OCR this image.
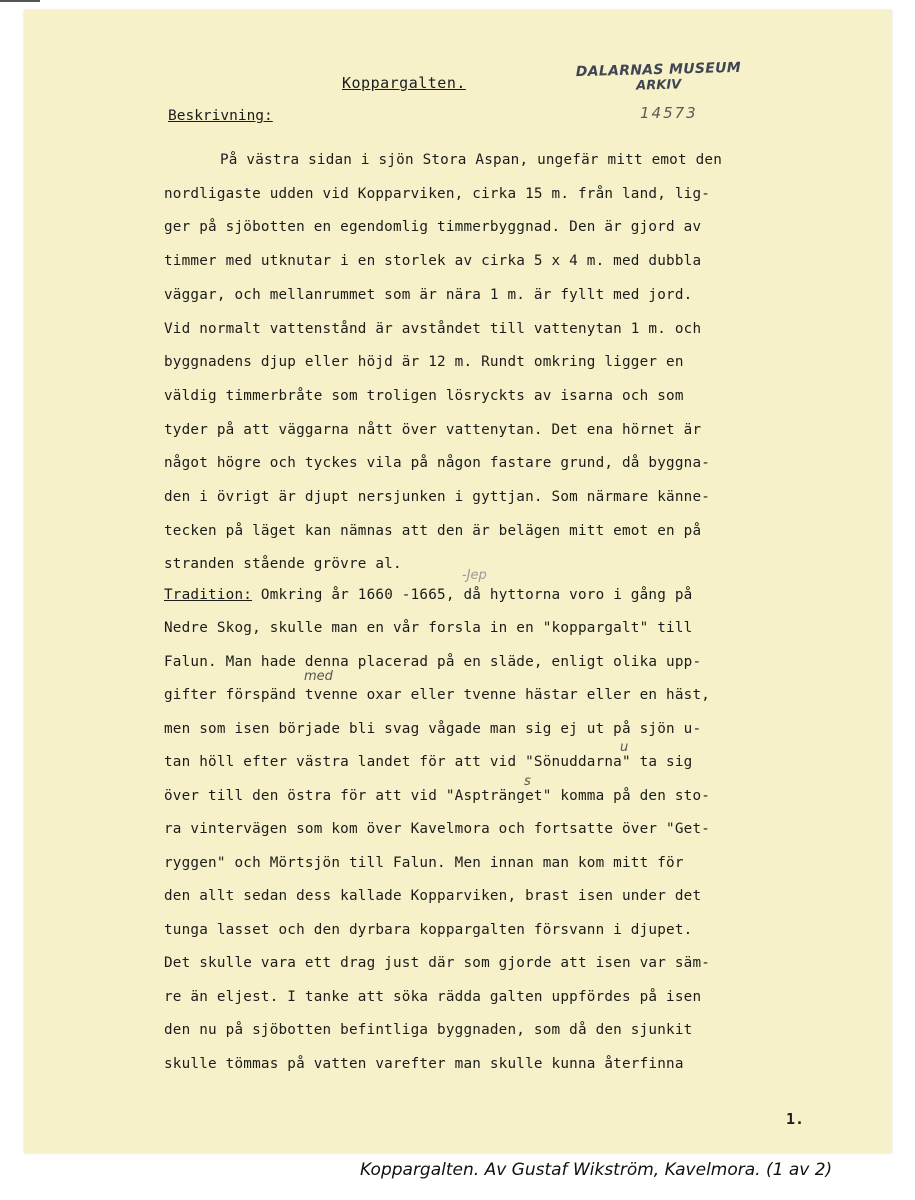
Koppargalten.
DALARNAS MUSEUM
ARKIV
14573
Beskrivning:
På västra sidan i sjön Stora Aspan, ungefär mitt emot den
nordligaste udden vid Kopparviken, cirka 15 m. från land, lig-
ger på sjöbotten en egendomlig timmerbyggnad. Den är gjord av
timmer med utknutar i en storlek av cirka 5 x 4 m. med dubbla
väggar, och mellanrummet som är nära 1 m. är fyllt med jord.
Vid normalt vattenstånd är avståndet till vattenytan 1 m. och
byggnadens djup eller höjd är 12 m. Rundt omkring ligger en
väldig timmerbråte som troligen lösryckts av isarna och som
tyder på att väggarna nått över vattenytan. Det ena hörnet är
något högre och tyckes vila på någon fastare grund, då byggna-
den i övrigt är djupt nersjunken i gyttjan. Som närmare känne-
tecken på läget kan nämnas att den är belägen mitt emot en på
stranden stående grövre al.
Tradition: Omkring år 1660 -1665, då hyttorna voro i gång på
Nedre Skog, skulle man en vår forsla in en "koppargalt" till
Falun. Man hade denna placerad på en släde, enligt olika upp-
gifter förspänd tvenne oxar eller tvenne hästar eller en häst,
men som isen började bli svag vågade man sig ej ut på sjön u-
tan höll efter västra landet för att vid "Sönuddarna" ta sig
över till den östra för att vid "Asptränget" komma på den sto-
ra vintervägen som kom över Kavelmora och fortsatte över "Get-
ryggen" och Mörtsjön till Falun. Men innan man kom mitt för
den allt sedan dess kallade Kopparviken, brast isen under det
tunga lasset och den dyrbara koppargalten försvann i djupet.
Det skulle vara ett drag just där som gjorde att isen var säm-
re än eljest. I tanke att söka rädda galten uppfördes på isen
den nu på sjöbotten befintliga byggnaden, som då den sjunkit
skulle tömmas på vatten varefter man skulle kunna återfinna
med
u
s
-Jep
1.
Koppargalten. Av Gustaf Wikström, Kavelmora. (1 av 2)
